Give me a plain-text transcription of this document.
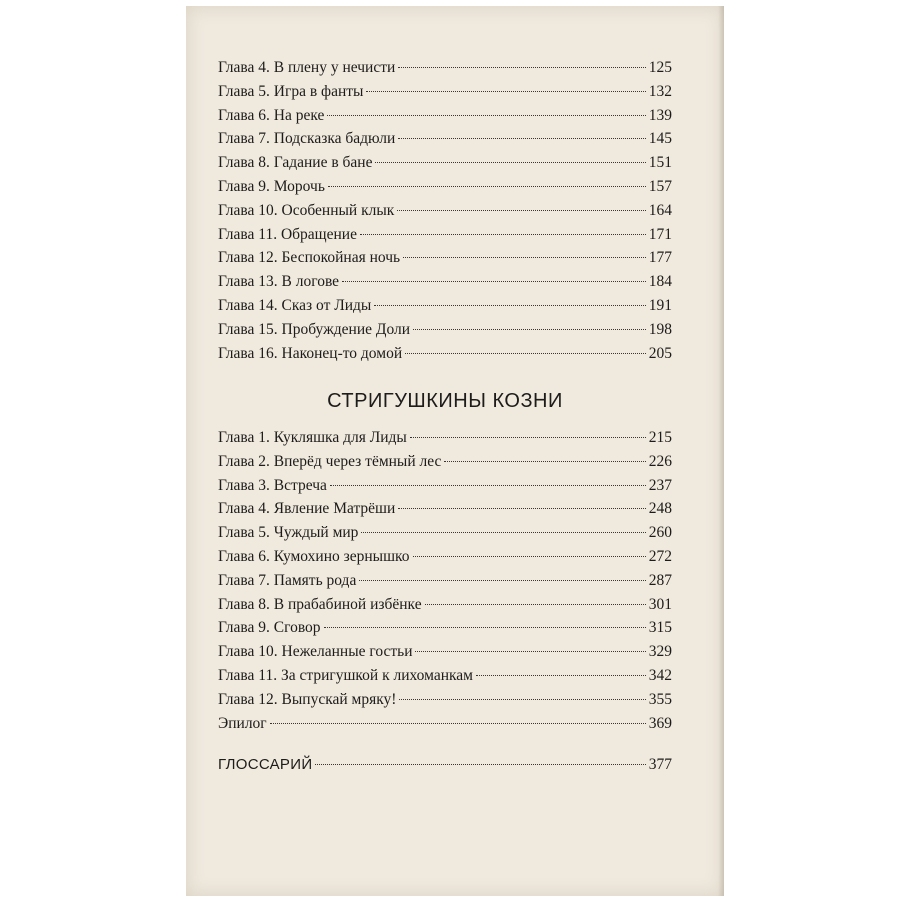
Глава 4. В плену у нечисти	125
Глава 5. Игра в фанты	132
Глава 6. На реке	139
Глава 7. Подсказка бадюли	145
Глава 8. Гадание в бане	151
Глава 9. Морочь	157
Глава 10. Особенный клык	164
Глава 11. Обращение	171
Глава 12. Беспокойная ночь	177
Глава 13. В логове	184
Глава 14. Сказ от Лиды	191
Глава 15. Пробуждение Доли	198
Глава 16. Наконец-то домой	205
СТРИГУШКИНЫ КОЗНИ
Глава 1. Кукляшка для Лиды	215
Глава 2. Вперёд через тёмный лес	226
Глава 3. Встреча	237
Глава 4. Явление Матрёши	248
Глава 5. Чуждый мир	260
Глава 6. Кумохино зернышко	272
Глава 7. Память рода	287
Глава 8. В прабабиной избёнке	301
Глава 9. Сговор	315
Глава 10. Нежеланные гостьи	329
Глава 11. За стригушкой к лихоманкам	342
Глава 12. Выпускай мряку!	355
Эпилог	369
ГЛОССАРИЙ	377
